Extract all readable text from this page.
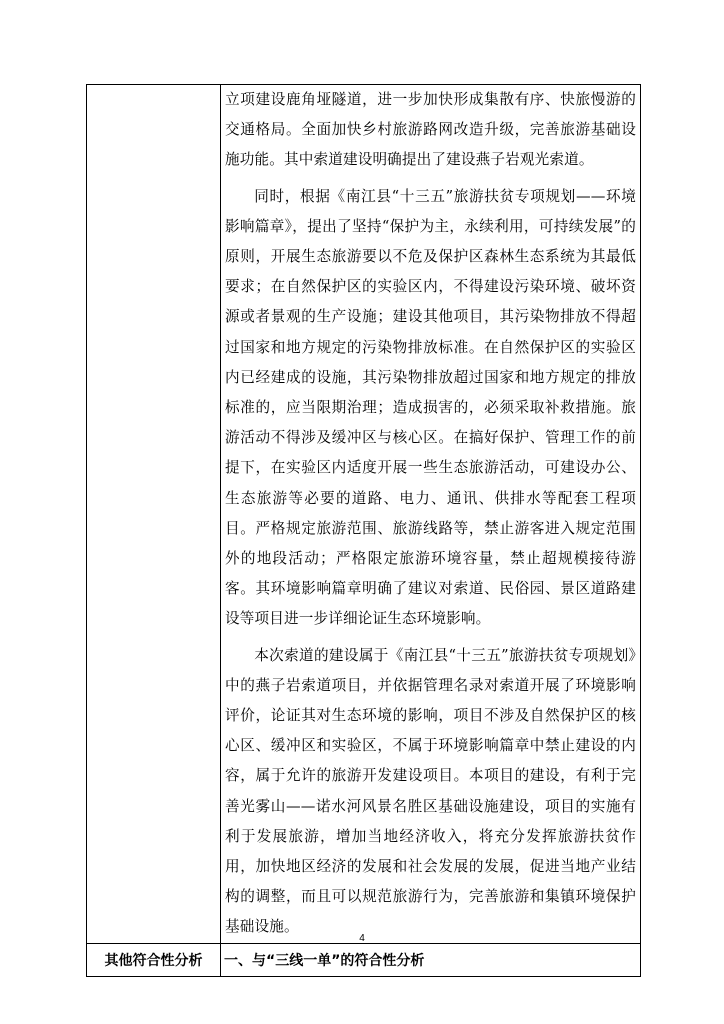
	立项建设鹿角垭隧道，进一步加快形成集散有序、快旅慢游的交通格局。全面加快乡村旅游路网改造升级，完善旅游基础设施功能。其中索道建设明确提出了建设燕子岩观光索道。

同时，根据《南江县“十三五”旅游扶贫专项规划——环境影响篇章》，提出了坚持“保护为主，永续利用，可持续发展”的原则，开展生态旅游要以不危及保护区森林生态系统为其最低要求；在自然保护区的实验区内，不得建设污染环境、破坏资源或者景观的生产设施；建设其他项目，其污染物排放不得超过国家和地方规定的污染物排放标准。在自然保护区的实验区内已经建成的设施，其污染物排放超过国家和地方规定的排放标准的，应当限期治理；造成损害的，必须采取补救措施。旅游活动不得涉及缓冲区与核心区。在搞好保护、管理工作的前提下，在实验区内适度开展一些生态旅游活动，可建设办公、生态旅游等必要的道路、电力、通讯、供排水等配套工程项目。严格规定旅游范围、旅游线路等，禁止游客进入规定范围外的地段活动；严格限定旅游环境容量，禁止超规模接待游客。其环境影响篇章明确了建议对索道、民俗园、景区道路建设等项目进一步详细论证生态环境影响。

本次索道的建设属于《南江县“十三五”旅游扶贫专项规划》中的燕子岩索道项目，并依据管理名录对索道开展了环境影响评价，论证其对生态环境的影响，项目不涉及自然保护区的核心区、缓冲区和实验区，不属于环境影响篇章中禁止建设的内容，属于允许的旅游开发建设项目。本项目的建设，有利于完善光雾山——诺水河风景名胜区基础设施建设，项目的实施有利于发展旅游，增加当地经济收入，将充分发挥旅游扶贫作用，加快地区经济的发展和社会发展的发展，促进当地产业结构的调整，而且可以规范旅游行为，完善旅游和集镇环境保护基础设施。

其他符合性分析	一、与“三线一单”的符合性分析
4
